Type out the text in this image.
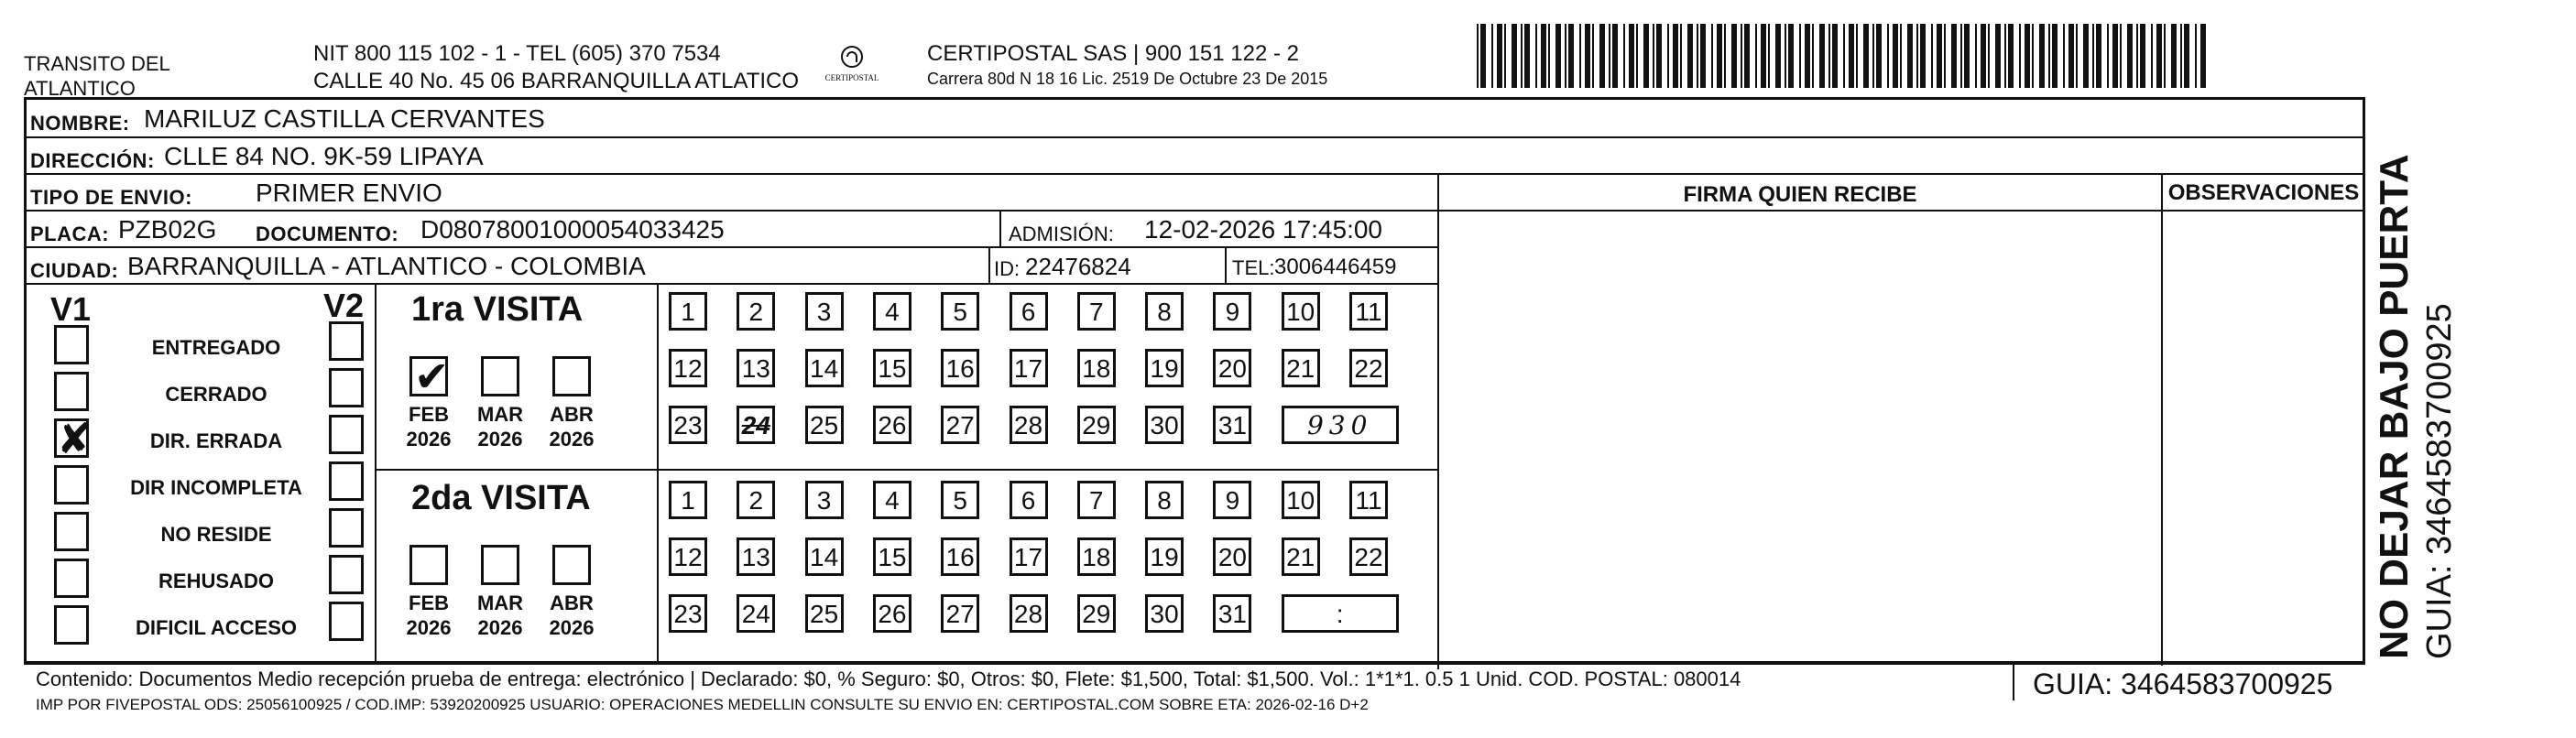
TRANSITO DEL
ATLANTICO
NIT 800 115 102 - 1 - TEL (605) 370 7534
CALLE 40 No. 45 06 BARRANQUILLA ATLATICO	CERTIPOSTAL
CERTIPOSTAL SAS | 900 151 122 - 2
Carrera 80d N 18 16 Lic. 2519 De Octubre 23 De 2015
NOMBRE: MARILUZ CASTILLA CERVANTES
DIRECCIÓN: CLLE 84 NO. 9K-59 LIPAYA
TIPO DE ENVIO: PRIMER ENVIO
PLACA: PZB02G DOCUMENTO: D08078001000054033425	ADMISIÓN: 12-02-2026 17:45:00
CIUDAD: BARRANQUILLA - ATLANTICO - COLOMBIA	ID: 22476824	TEL: 3006446459
FIRMA QUIEN RECIBE	OBSERVACIONES
V1	V2
ENTREGADO
CERRADO
✘	DIR. ERRADA
DIR INCOMPLETA
NO RESIDE
REHUSADO
DIFICIL ACCESO
1ra VISITA
✔
FEB
2026
MAR
2026
ABR
2026
1	2	3	4	5	6	7	8	9	10 11
12 13 14 15 16 17 18 19 20 21 22
23 24 25 26 27 28 29 30 31	930
2da VISITA
FEB
2026
MAR
2026
ABR
2026
1	2	3	4	5	6	7	8	9	10 11
12 13 14 15 16 17 18 19 20 21 22
23 24 25 26 27 28 29 30 31	:
Contenido: Documentos Medio recepción prueba de entrega: electrónico | Declarado: $0, % Seguro: $0, Otros: $0, Flete: $1,500, Total: $1,500. Vol.: 1*1*1. 0.5 1 Unid. COD. POSTAL: 080014
IMP POR FIVEPOSTAL ODS: 25056100925 / COD.IMP: 53920200925 USUARIO: OPERACIONES MEDELLIN CONSULTE SU ENVIO EN: CERTIPOSTAL.COM SOBRE ETA: 2026-02-16 D+2
GUIA: 3464583700925
NO DEJAR BAJO PUERTA GUIA: 3464583700925
